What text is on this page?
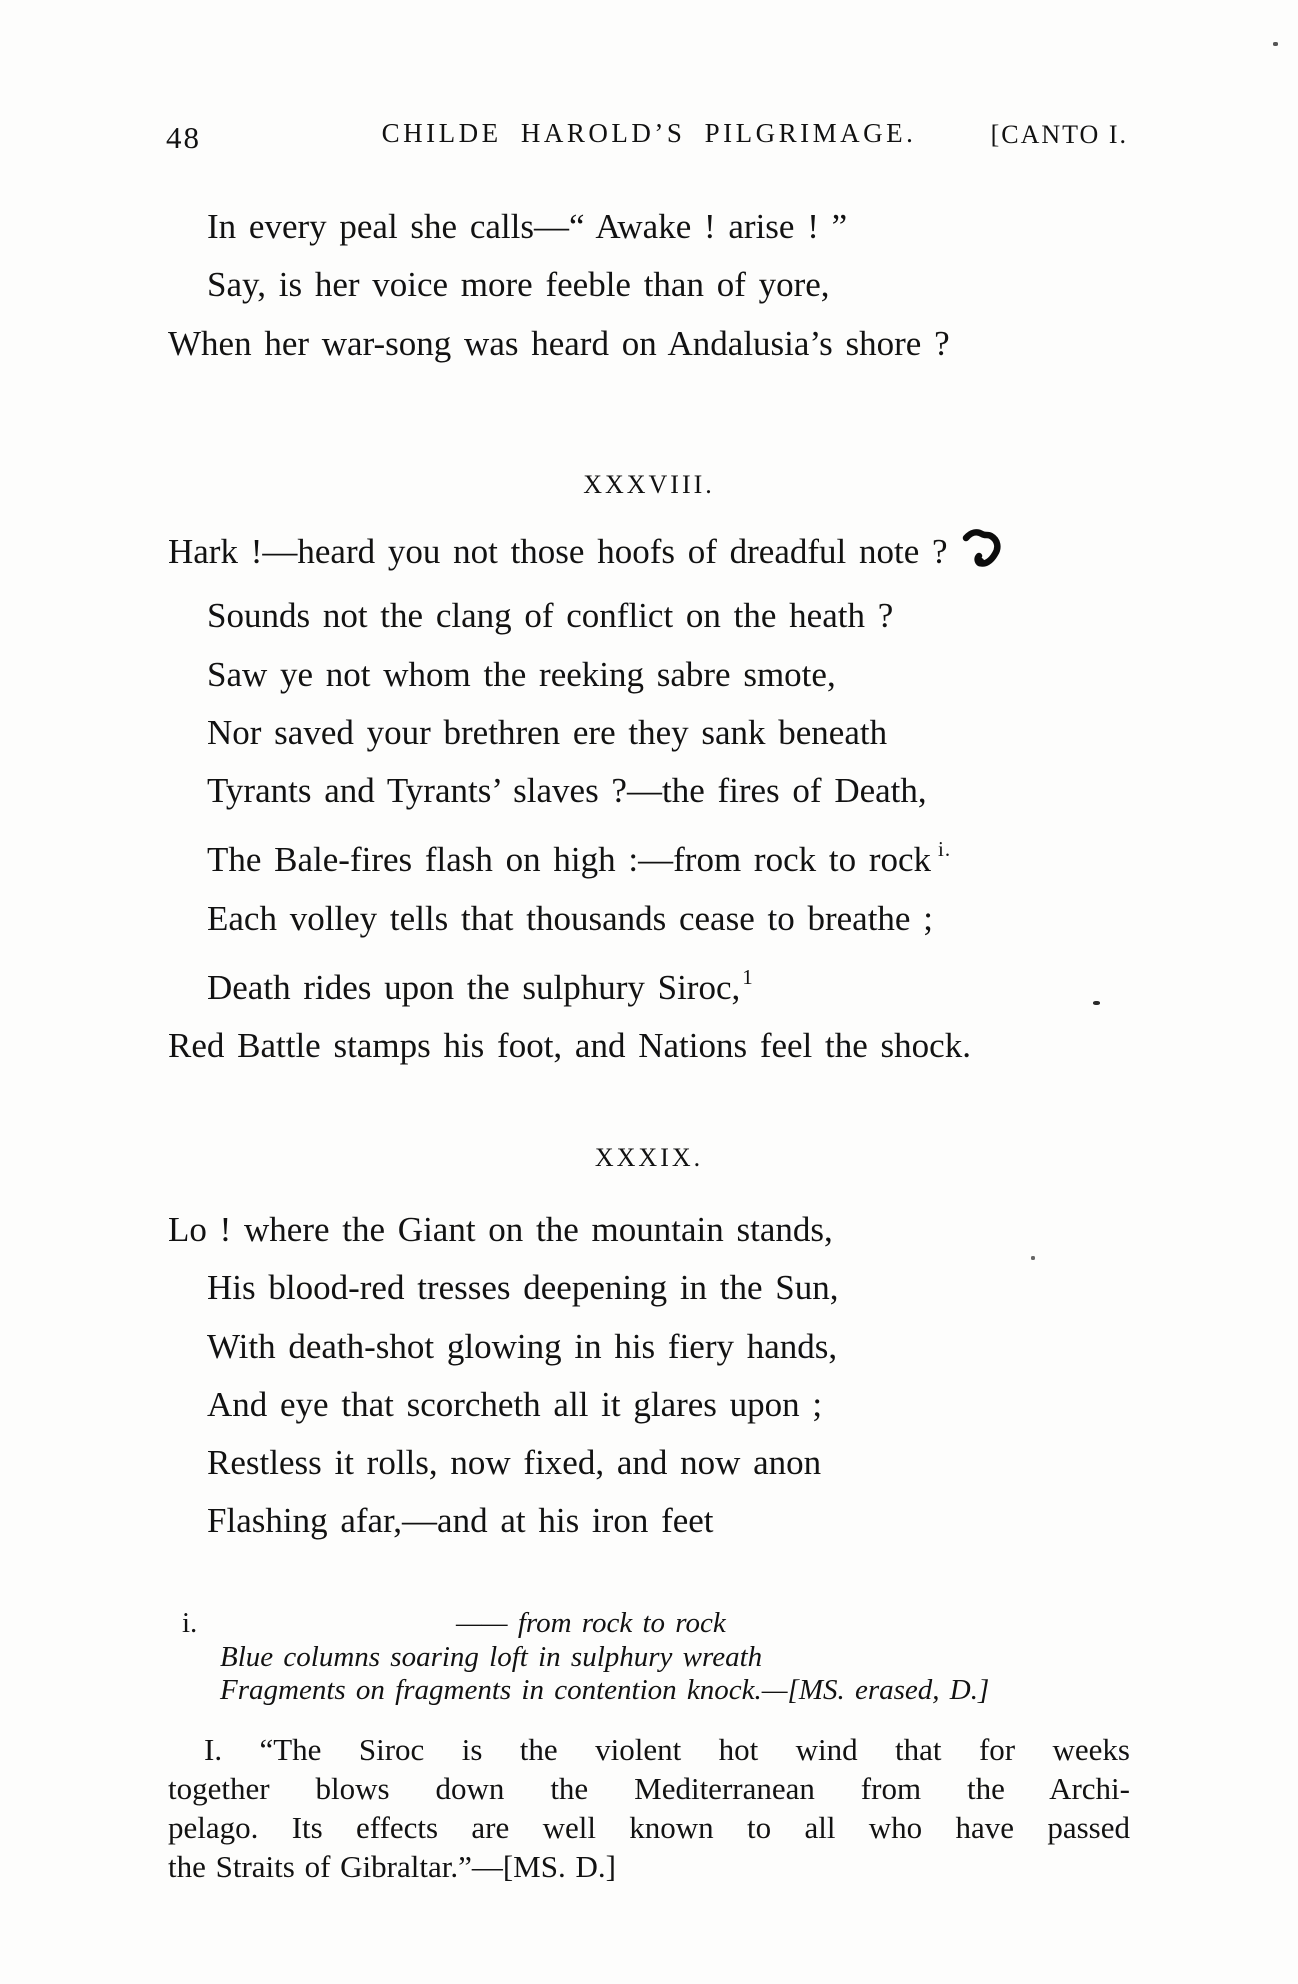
48	CHILDE HAROLD’S PILGRIMAGE.	[CANTO I.
In every peal she calls—“ Awake ! arise ! ”
Say, is her voice more feeble than of yore,
When her war-song was heard on Andalusia’s shore ?
XXXVIII.
Hark !—heard you not those hoofs of dreadful note ?
Sounds not the clang of conflict on the heath ?
Saw ye not whom the reeking sabre smote,
Nor saved your brethren ere they sank beneath
Tyrants and Tyrants’ slaves ?—the fires of Death,
The Bale-fires flash on high :—from rock to rock $^{i.}$
Each volley tells that thousands cease to breathe ;
Death rides upon the sulphury Siroc,$^1$
Red Battle stamps his foot, and Nations feel the shock.
XXXIX.
Lo ! where the Giant on the mountain stands,
His blood-red tresses deepening in the Sun,
With death-shot glowing in his fiery hands,
And eye that scorcheth all it glares upon ;
Restless it rolls, now fixed, and now anon
Flashing afar,—and at his iron feet
i.	—— from rock to rock
Blue columns soaring loft in sulphury wreath
Fragments on fragments in contention knock.—[MS. erased, D.]
I. “The Siroc is the violent hot wind that for weeks
together blows down the Mediterranean from the Archi-
pelago. Its effects are well known to all who have passed
the Straits of Gibraltar.”—[MS. D.]
